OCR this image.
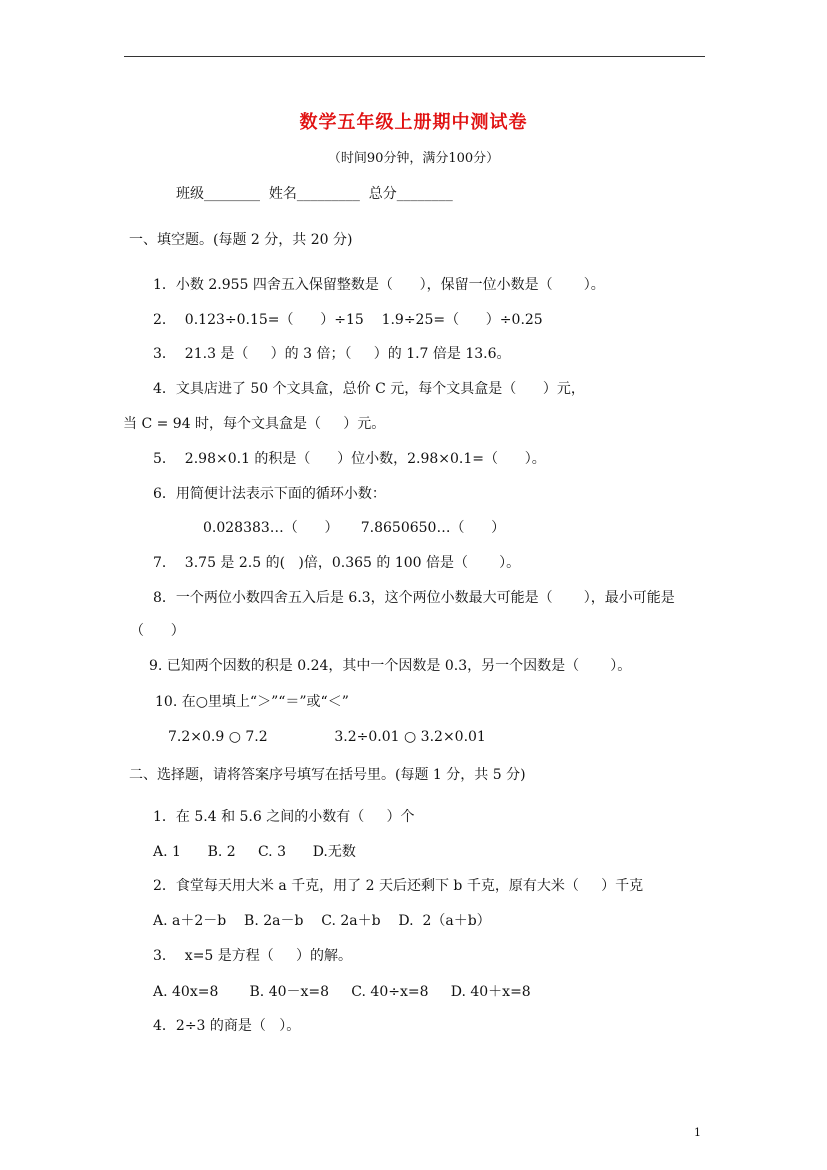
数学五年级上册期中测试卷
（时间90分钟，满分100分）
班级________  姓名_________  总分________
一、填空题。(每题 2 分，共 20 分)
1．小数 2.955 四舍五入保留整数是（      ），保留一位小数是（       ）。
2．  0.123÷0.15=（      ）÷15    1.9÷25=（      ）÷0.25
3．  21.3 是（     ）的 3 倍；（     ）的 1.7 倍是 13.6。
4．文具店进了 50 个文具盒，总价 C 元，每个文具盒是（      ）元，
当 C = 94 时，每个文具盒是（     ）元。
5．  2.98×0.1 的积是（      ）位小数，2.98×0.1=（      ）。
6．用简便计法表示下面的循环小数：
0.028383…（      ）     7.8650650…（      ）
7．  3.75 是 2.5 的(   )倍，0.365 的 100 倍是（       ）。
8．一个两位小数四舍五入后是 6.3，这个两位小数最大可能是（       ），最小可能是
（      ）
9. 已知两个因数的积是 0.24，其中一个因数是 0.3，另一个因数是（       ）。
10. 在○里填上“＞”“＝”或“＜”
7.2×0.9 ○ 7.2               3.2÷0.01 ○ 3.2×0.01
二、选择题，请将答案序号填写在括号里。(每题 1 分，共 5 分)
1．在 5.4 和 5.6 之间的小数有（     ）个
A. 1      B. 2     C. 3      D.无数
2．食堂每天用大米 a 千克，用了 2 天后还剩下 b 千克，原有大米（     ）千克
A. a＋2－b    B. 2a－b    C. 2a＋b    D.  2（a＋b）
3．  x=5 是方程（     ）的解。
A. 40x=8       B. 40－x=8     C. 40÷x=8     D. 40＋x=8
4．2÷3 的商是（   ）。
1
